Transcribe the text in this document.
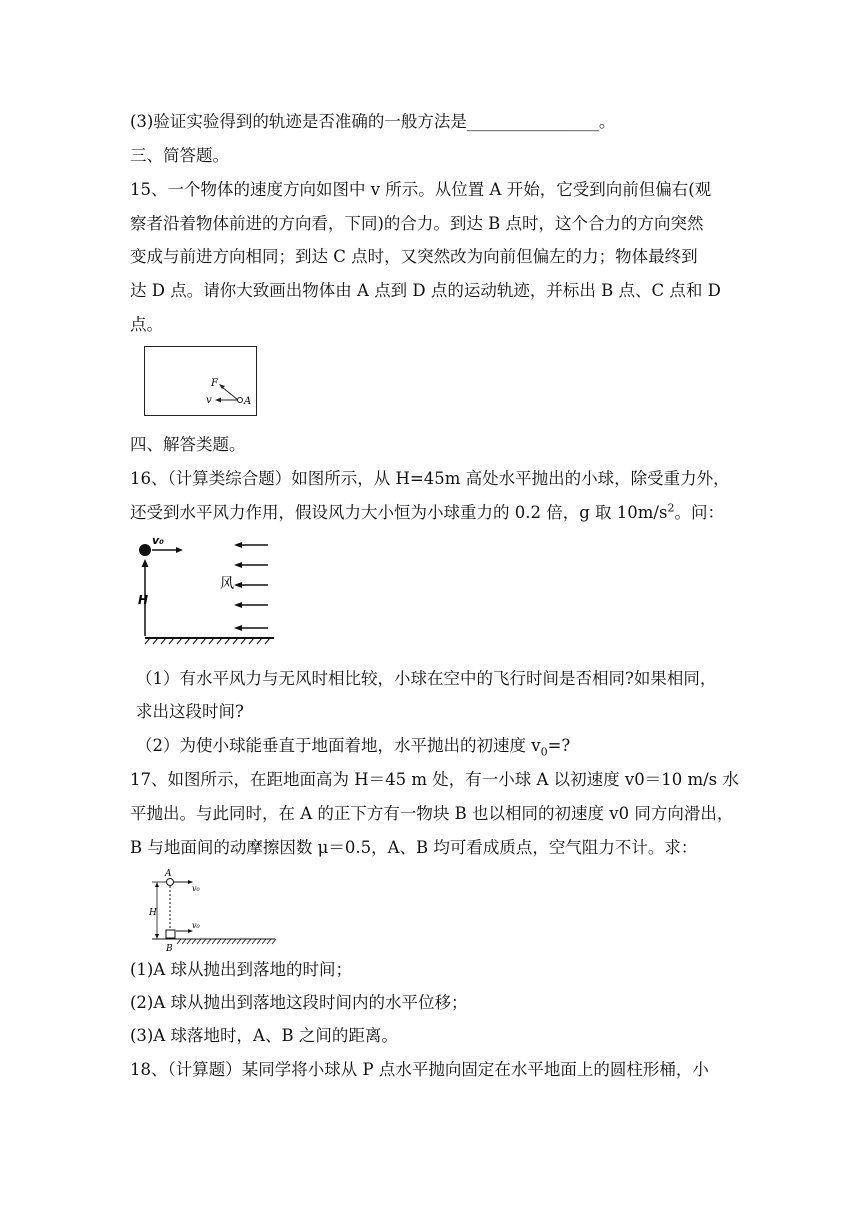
(3)验证实验得到的轨迹是否准确的一般方法是________________。
三、简答题。
15、一个物体的速度方向如图中 v 所示。从位置 A 开始，它受到向前但偏右(观
察者沿着物体前进的方向看，下同)的合力。到达 B 点时，这个合力的方向突然
变成与前进方向相同；到达 C 点时，又突然改为向前但偏左的力；物体最终到
达 D 点。请你大致画出物体由 A 点到 D 点的运动轨迹，并标出 B 点、C 点和 D
点。
F
v	A
四、解答类题。
16、（计算类综合题）如图所示，从 H=45m 高处水平抛出的小球，除受重力外，
还受到水平风力作用，假设风力大小恒为小球重力的 0.2 倍，g 取 $10m/s^2$。问：
v₀
H
风
（1）有水平风力与无风时相比较，小球在空中的飞行时间是否相同?如果相同，
求出这段时间?
（2）为使小球能垂直于地面着地，水平抛出的初速度 $v_0=$?
17、如图所示，在距地面高为 H＝45 m 处，有一小球 A 以初速度 v0＝10 m/s 水
平抛出。与此同时，在 A 的正下方有一物块 B 也以相同的初速度 v0 同方向滑出，
B 与地面间的动摩擦因数 μ＝0.5，A、B 均可看成质点，空气阻力不计。求：
A
v₀
H
B
v₀
(1)A 球从抛出到落地的时间；
(2)A 球从抛出到落地这段时间内的水平位移；
(3)A 球落地时，A、B 之间的距离。
18、（计算题）某同学将小球从 P 点水平抛向固定在水平地面上的圆柱形桶，小
